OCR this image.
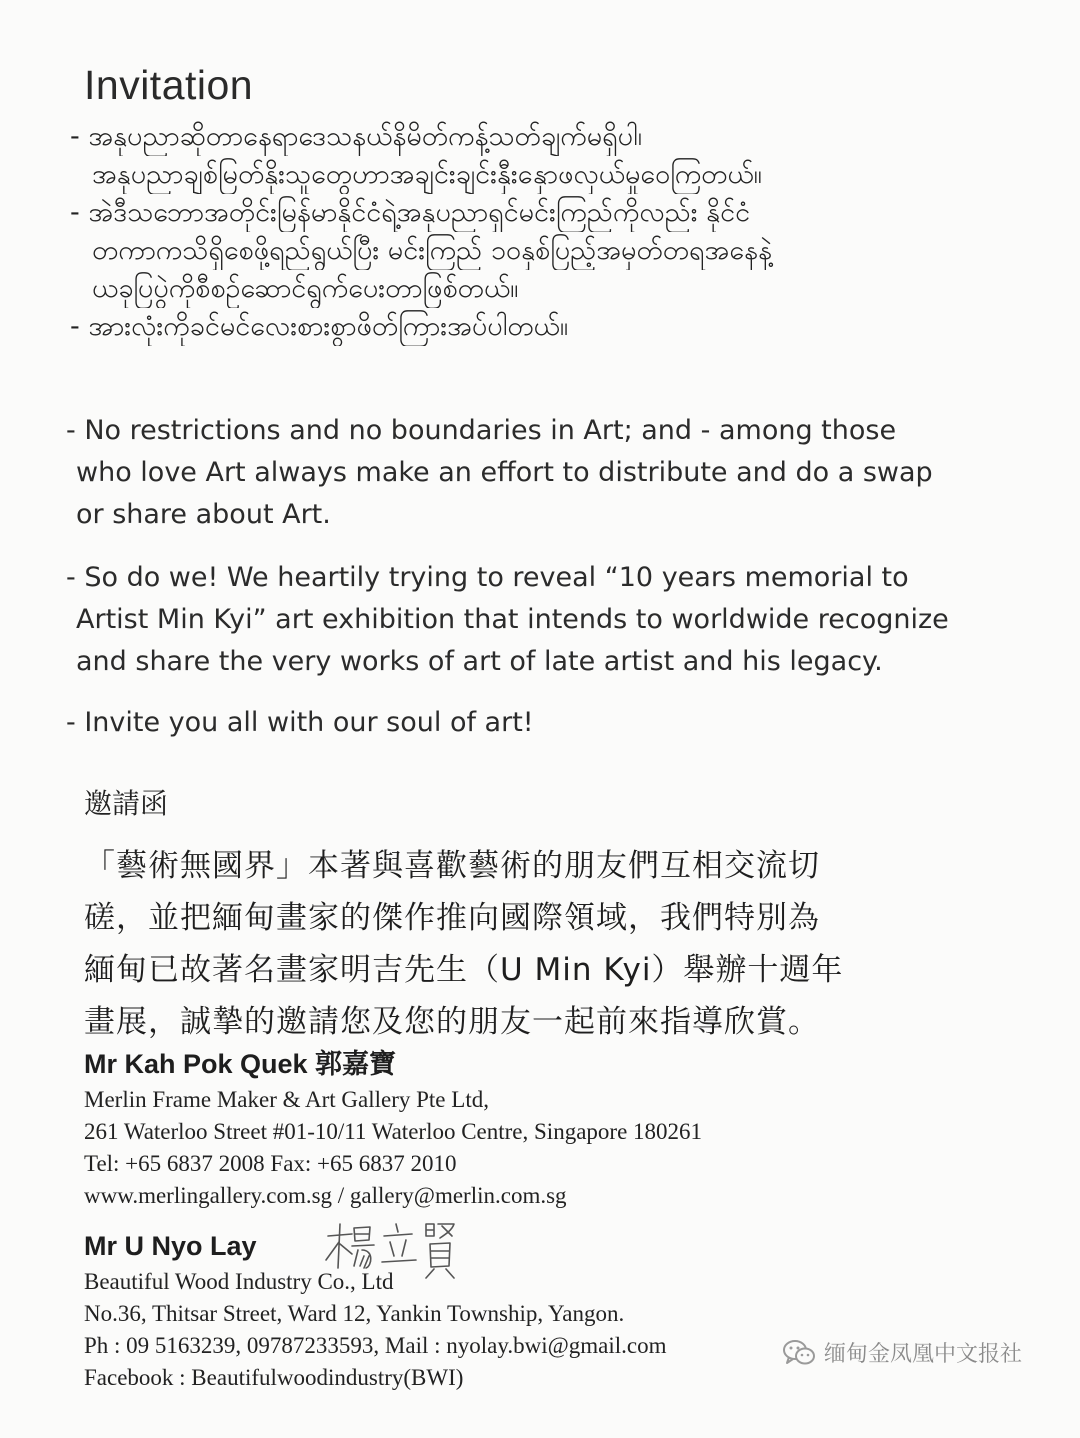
Invitation
- အနုပညာဆိုတာနေရာဒေသနယ်နိမိတ်ကန့်သတ်ချက်မရှိပါ၊
အနုပညာချစ်မြတ်နိုးသူတွေဟာအချင်းချင်းနှီးနှောဖလှယ်မှုဝေကြတယ်။
- အဲဒီသဘောအတိုင်းမြန်မာနိုင်ငံရဲ့အနုပညာရှင်မင်းကြည်ကိုလည်း နိုင်ငံ
တကာကသိရှိစေဖို့ရည်ရွယ်ပြီး မင်းကြည် ၁၀နှစ်ပြည့်အမှတ်တရအနေနဲ့
ယခုပြပွဲကိုစီစဉ်ဆောင်ရွက်ပေးတာဖြစ်တယ်။
- အားလုံးကိုခင်မင်လေးစားစွာဖိတ်ကြားအပ်ပါတယ်။
- No restrictions and no boundaries in Art; and - among those
who love Art always make an effort to distribute and do a swap
or share about Art.
- So do we! We heartily trying to reveal “10 years memorial to
Artist Min Kyi” art exhibition that intends to worldwide recognize
and share the very works of art of late artist and his legacy.
- Invite you all with our soul of art!
邀請函
「藝術無國界」本著與喜歡藝術的朋友們互相交流切
磋，並把緬甸畫家的傑作推向國際領域，我們特別為
緬甸已故著名畫家明吉先生（U Min Kyi）舉辦十週年
畫展，誠摯的邀請您及您的朋友一起前來指導欣賞。
Mr Kah Pok Quek 郭嘉寶
Merlin Frame Maker & Art Gallery Pte Ltd,
261 Waterloo Street #01-10/11 Waterloo Centre, Singapore 180261
Tel: +65 6837 2008 Fax: +65 6837 2010
www.merlingallery.com.sg / gallery@merlin.com.sg
Mr U Nyo Lay
Beautiful Wood Industry Co., Ltd
No.36, Thitsar Street, Ward 12, Yankin Township, Yangon.
Ph : 09 5163239, 09787233593, Mail : nyolay.bwi@gmail.com
Facebook : Beautifulwoodindustry(BWI)
缅甸金凤凰中文报社
